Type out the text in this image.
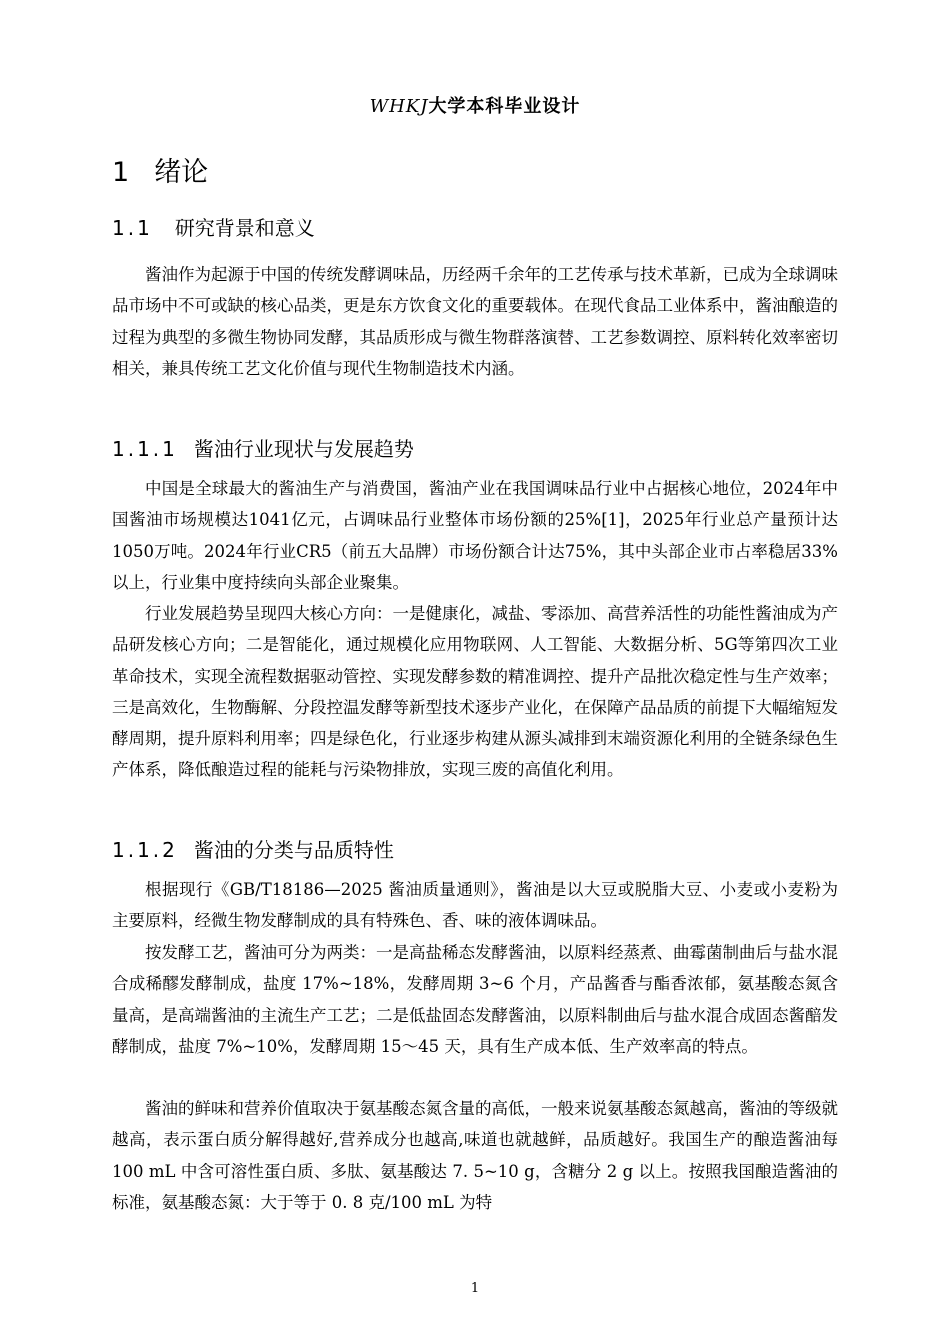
WHKJ大学本科毕业设计
1 绪论
1.1 研究背景和意义

酱油作为起源于中国的传统发酵调味品，历经两千余年的工艺传承与技术革新，已成为全球调味品市场中不可或缺的核心品类，更是东方饮食文化的重要载体。在现代食品工业体系中，酱油酿造的过程为典型的多微生物协同发酵，其品质形成与微生物群落演替、工艺参数调控、原料转化效率密切相关，兼具传统工艺文化价值与现代生物制造技术内涵。

1.1.1 酱油行业现状与发展趋势

中国是全球最大的酱油生产与消费国，酱油产业在我国调味品行业中占据核心地位，2024年中国酱油市场规模达1041亿元，占调味品行业整体市场份额的25%[1]，2025年行业总产量预计达1050万吨。2024年行业CR5（前五大品牌）市场份额合计达75%，其中头部企业市占率稳居33%以上，行业集中度持续向头部企业聚集。

行业发展趋势呈现四大核心方向：一是健康化，减盐、零添加、高营养活性的功能性酱油成为产品研发核心方向；二是智能化，通过规模化应用物联网、人工智能、大数据分析、5G等第四次工业革命技术，实现全流程数据驱动管控、实现发酵参数的精准调控、提升产品批次稳定性与生产效率；三是高效化，生物酶解、分段控温发酵等新型技术逐步产业化，在保障产品品质的前提下大幅缩短发酵周期，提升原料利用率；四是绿色化，行业逐步构建从源头减排到末端资源化利用的全链条绿色生产体系，降低酿造过程的能耗与污染物排放，实现三废的高值化利用。

1.1.2 酱油的分类与品质特性

根据现行《GB/T18186—2025 酱油质量通则》，酱油是以大豆或脱脂大豆、小麦或小麦粉为主要原料，经微生物发酵制成的具有特殊色、香、味的液体调味品。

按发酵工艺，酱油可分为两类：一是高盐稀态发酵酱油，以原料经蒸煮、曲霉菌制曲后与盐水混合成稀醪发酵制成，盐度 17%~18%，发酵周期 3~6 个月，产品酱香与酯香浓郁，氨基酸态氮含量高，是高端酱油的主流生产工艺；二是低盐固态发酵酱油，以原料制曲后与盐水混合成固态酱醅发酵制成，盐度 7%~10%，发酵周期 15～45 天，具有生产成本低、生产效率高的特点。

酱油的鲜味和营养价值取决于氨基酸态氮含量的高低，一般来说氨基酸态氮越高，酱油的等级就越高，表示蛋白质分解得越好,营养成分也越高,味道也就越鲜，品质越好。我国生产的酿造酱油每 100 mL 中含可溶性蛋白质、多肽、氨基酸达 7. 5~10 g，含糖分 2 g 以上。按照我国酿造酱油的标准，氨基酸态氮：大于等于 0. 8 克/100 mL 为特

1
